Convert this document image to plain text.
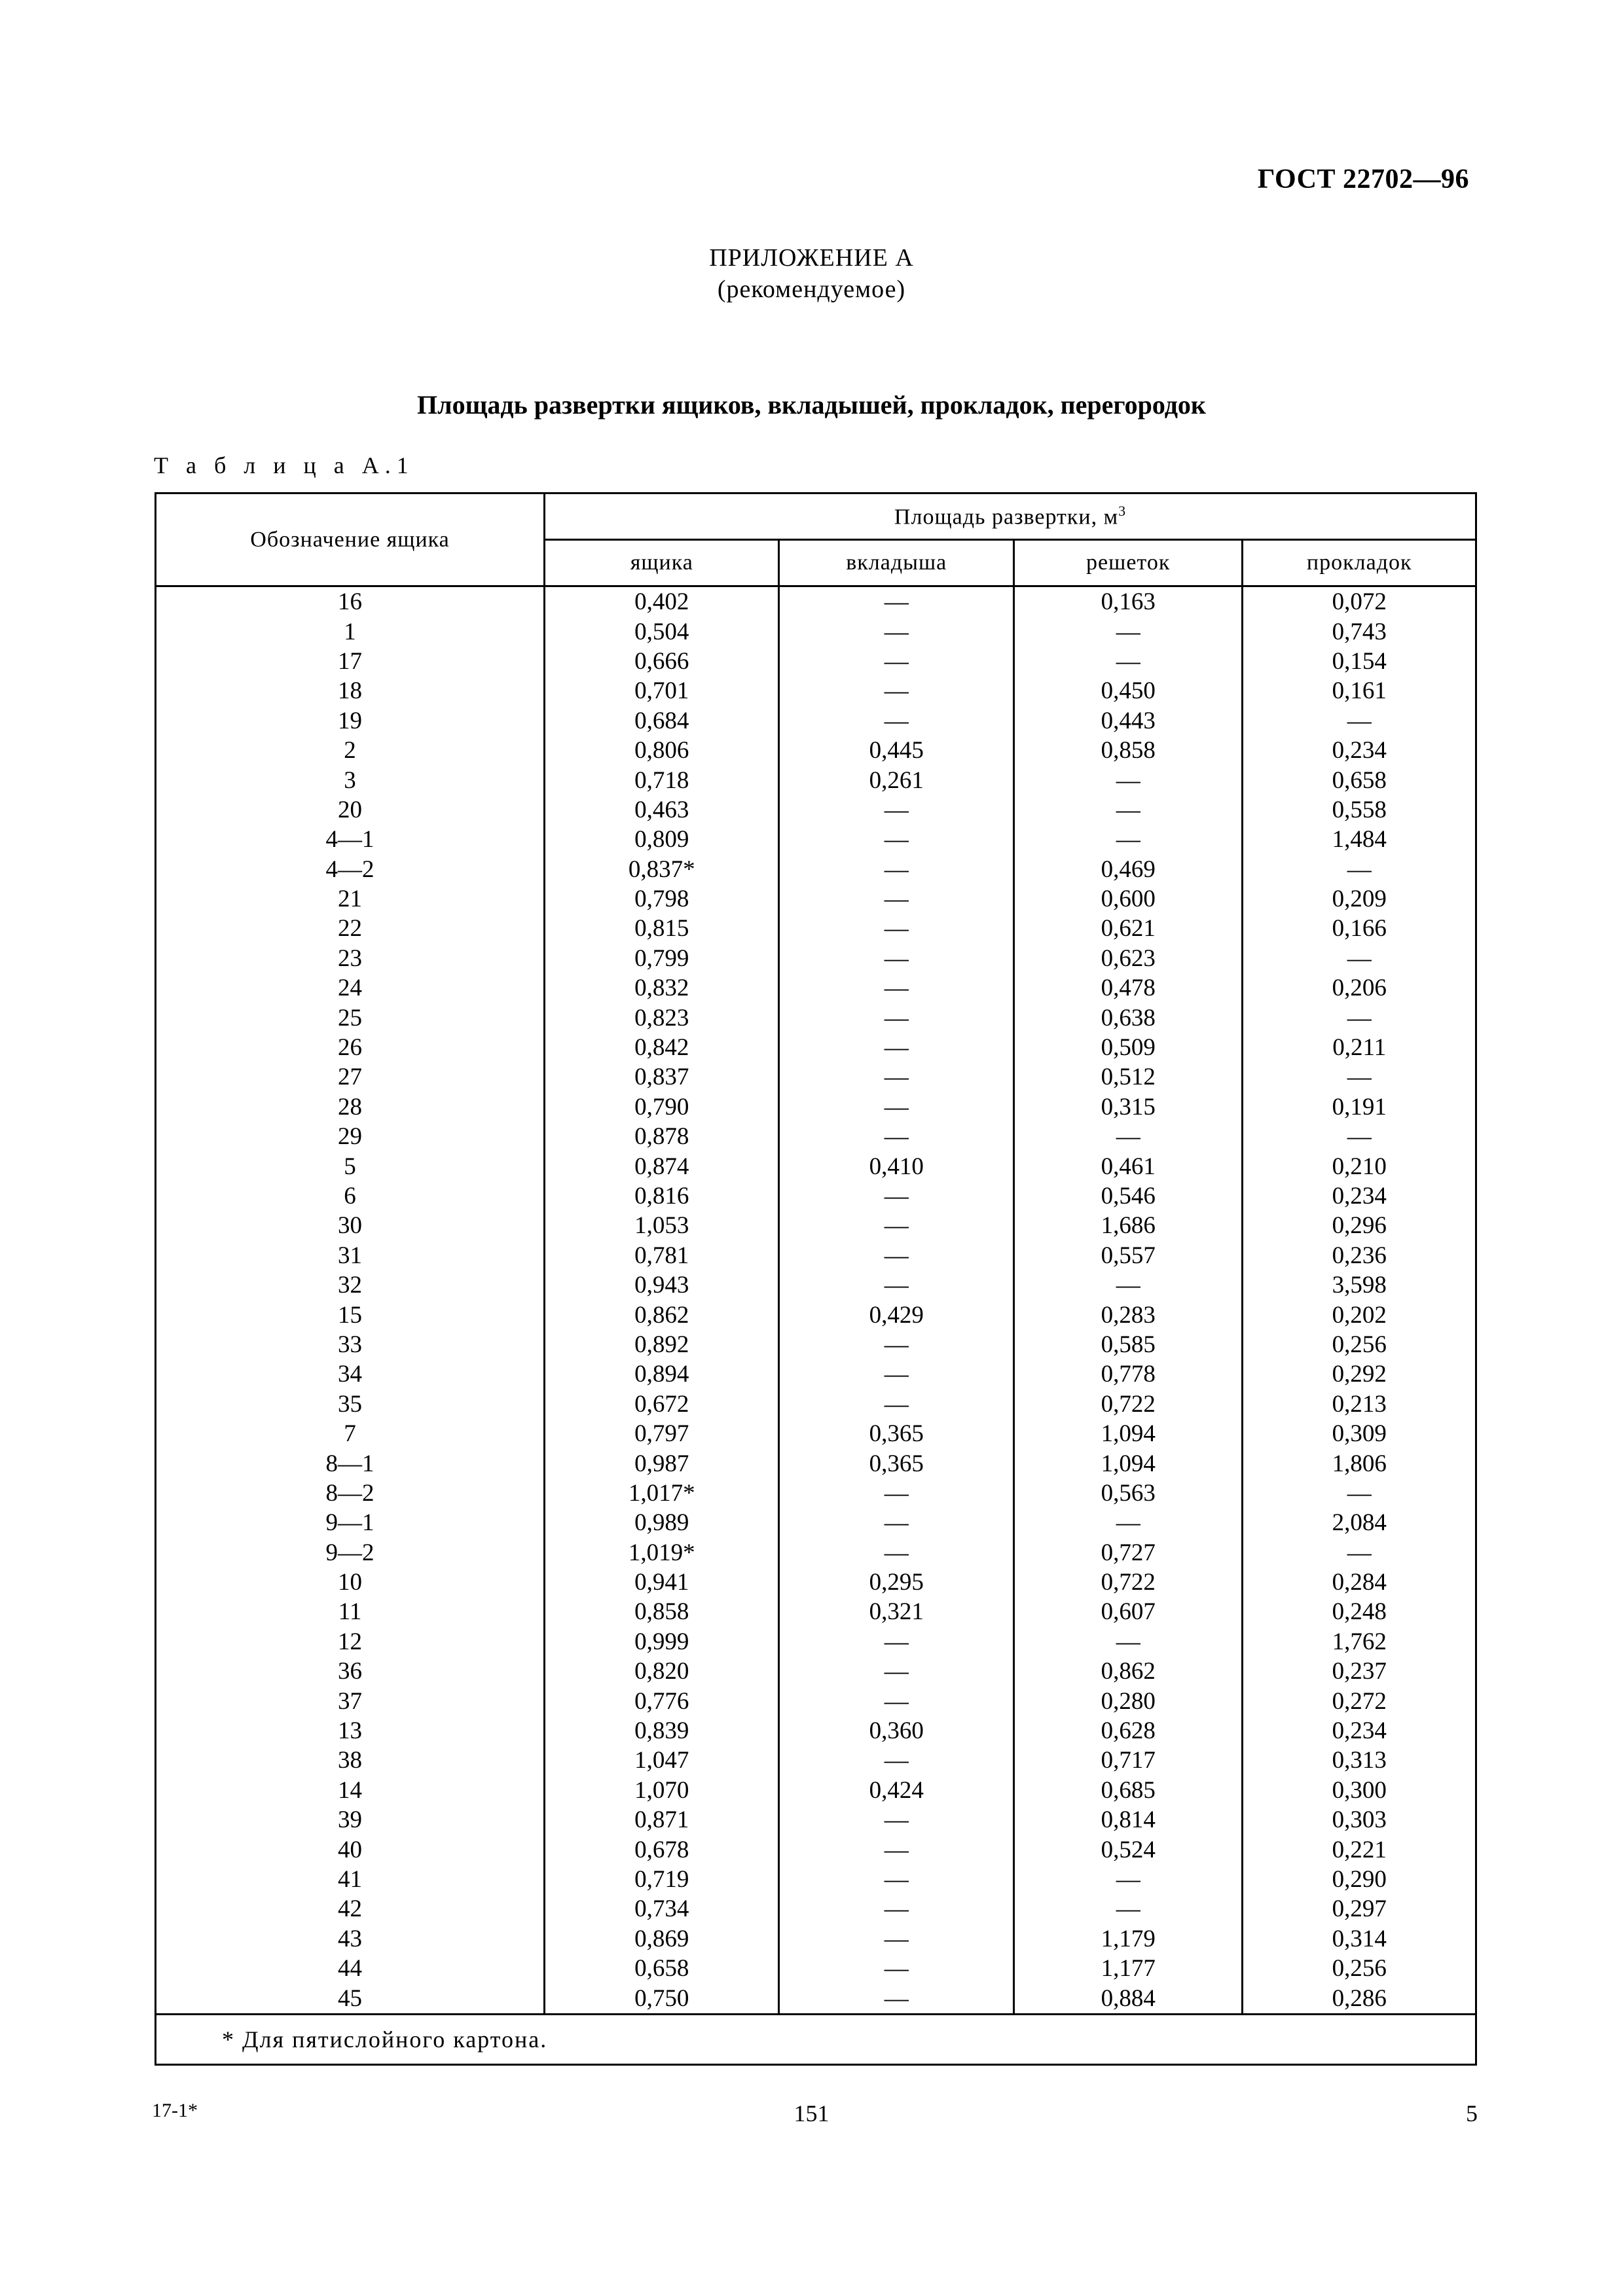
ГОСТ 22702—96
ПРИЛОЖЕНИЕ А
(рекомендуемое)
Площадь развертки ящиков, вкладышей, прокладок, перегородок
Т а б л и ц а А.1
Обозначение ящика	Площадь развертки, $м^3$
	ящика	вкладыша	решеток	прокладок
16	0,402	—	0,163	0,072
1	0,504	—	—	0,743
17	0,666	—	—	0,154
18	0,701	—	0,450	0,161
19	0,684	—	0,443	—
2	0,806	0,445	0,858	0,234
3	0,718	0,261	—	0,658
20	0,463	—	—	0,558
4—1	0,809	—	—	1,484
4—2	0,837*	—	0,469	—
21	0,798	—	0,600	0,209
22	0,815	—	0,621	0,166
23	0,799	—	0,623	—
24	0,832	—	0,478	0,206
25	0,823	—	0,638	—
26	0,842	—	0,509	0,211
27	0,837	—	0,512	—
28	0,790	—	0,315	0,191
29	0,878	—	—	—
5	0,874	0,410	0,461	0,210
6	0,816	—	0,546	0,234
30	1,053	—	1,686	0,296
31	0,781	—	0,557	0,236
32	0,943	—	—	3,598
15	0,862	0,429	0,283	0,202
33	0,892	—	0,585	0,256
34	0,894	—	0,778	0,292
35	0,672	—	0,722	0,213
7	0,797	0,365	1,094	0,309
8—1	0,987	0,365	1,094	1,806
8—2	1,017*	—	0,563	—
9—1	0,989	—	—	2,084
9—2	1,019*	—	0,727	—
10	0,941	0,295	0,722	0,284
11	0,858	0,321	0,607	0,248
12	0,999	—	—	1,762
36	0,820	—	0,862	0,237
37	0,776	—	0,280	0,272
13	0,839	0,360	0,628	0,234
38	1,047	—	0,717	0,313
14	1,070	0,424	0,685	0,300
39	0,871	—	0,814	0,303
40	0,678	—	0,524	0,221
41	0,719	—	—	0,290
42	0,734	—	—	0,297
43	0,869	—	1,179	0,314
44	0,658	—	1,177	0,256
45	0,750	—	0,884	0,286
* Для пятислойного картона.				
17-1*	151	5
